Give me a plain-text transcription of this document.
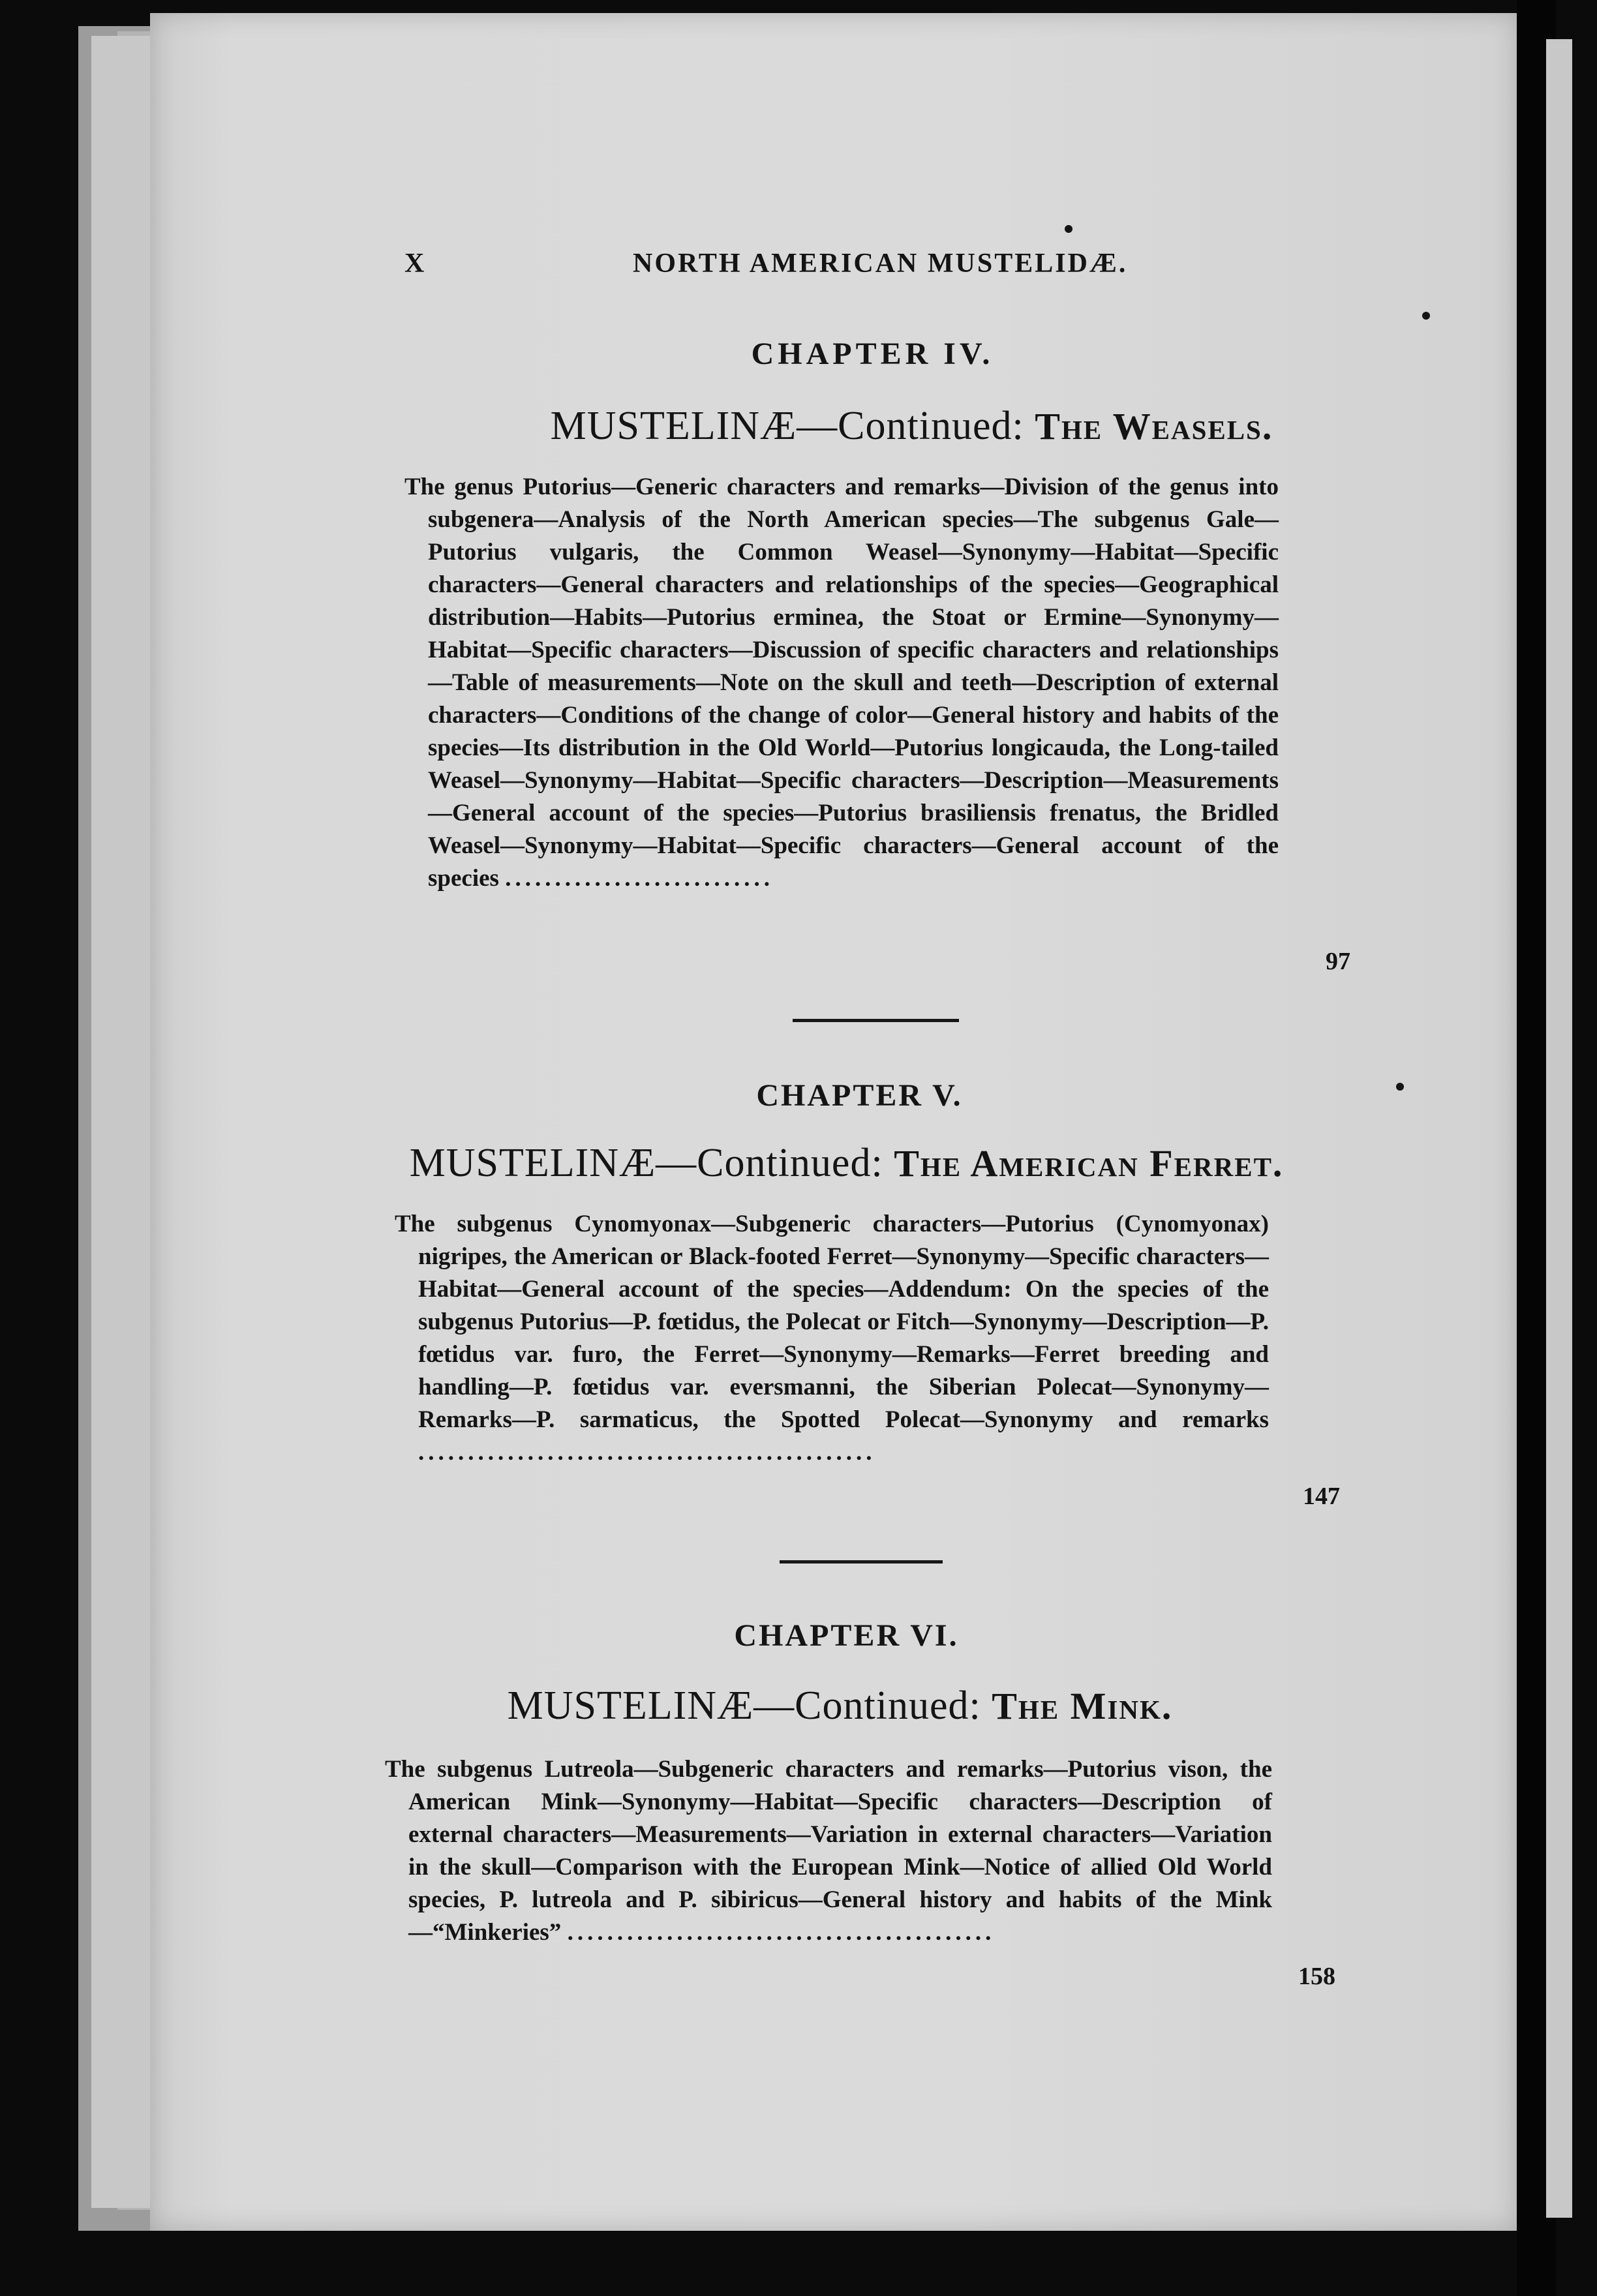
X	NORTH AMERICAN MUSTELIDÆ.
CHAPTER IV.
MUSTELINÆ—Continued: The Weasels.
The genus Putorius—Generic characters and remarks—Division of the genus into subgenera—Analysis of the North American species—The subgenus Gale—Putorius vulgaris, the Common Weasel—Synonymy—Habitat—Specific characters—General characters and relationships of the species—Geographical distribution—Habits—Putorius erminea, the Stoat or Ermine—Synonymy—Habitat—Specific characters—Discussion of specific characters and relationships—Table of measurements—Note on the skull and teeth—Description of external characters—Conditions of the change of color—General history and habits of the species—Its distribution in the Old World—Putorius longicauda, the Long-tailed Weasel—Synonymy—Habitat—Specific characters—Description—Measurements—General account of the species—Putorius brasiliensis frenatus, the Bridled Weasel—Synonymy—Habitat—Specific characters—General account of the species ...........................
97
CHAPTER V.
MUSTELINÆ—Continued: The American Ferret.
The subgenus Cynomyonax—Subgeneric characters—Putorius (Cynomyonax) nigripes, the American or Black-footed Ferret—Synonymy—Specific characters—Habitat—General account of the species—Addendum: On the species of the subgenus Putorius—P. fœtidus, the Polecat or Fitch—Synonymy—Description—P. fœtidus var. furo, the Ferret—Synonymy—Remarks—Ferret breeding and handling—P. fœtidus var. eversmanni, the Siberian Polecat—Synonymy—Remarks—P. sarmaticus, the Spotted Polecat—Synonymy and remarks ..............................................
147
CHAPTER VI.
MUSTELINÆ—Continued: The Mink.
The subgenus Lutreola—Subgeneric characters and remarks—Putorius vison, the American Mink—Synonymy—Habitat—Specific characters—Description of external characters—Measurements—Variation in external characters—Variation in the skull—Comparison with the European Mink—Notice of allied Old World species, P. lutreola and P. sibiricus—General history and habits of the Mink—“Minkeries” ...........................................
158
